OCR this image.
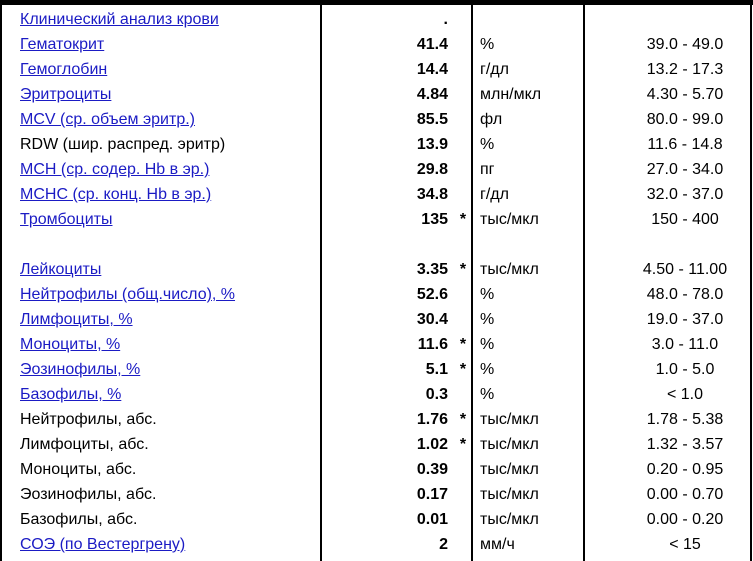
Клинический анализ крови	.
Гематокрит	41.4 %	39.0 - 49.0
Гемоглобин	14.4 г/дл	13.2 - 17.3
Эритроциты	4.84 млн/мкл	4.30 - 5.70
MCV (ср. объем эритр.)	85.5 фл	80.0 - 99.0
RDW (шир. распред. эритр)	13.9 %	11.6 - 14.8
MCH (ср. содер. Hb в эр.)	29.8 пг	27.0 - 34.0
MCHC (ср. конц. Hb в эр.)	34.8 г/дл	32.0 - 37.0
Тромбоциты	135 * тыс/мкл	150 - 400
Лейкоциты	3.35 * тыс/мкл	4.50 - 11.00
Нейтрофилы (общ.число), %	52.6 %	48.0 - 78.0
Лимфоциты, %	30.4 %	19.0 - 37.0
Моноциты, %	11.6 * %	3.0 - 11.0
Эозинофилы, %	5.1 * %	1.0 - 5.0
Базофилы, %	0.3 %	< 1.0
Нейтрофилы, абс.	1.76 * тыс/мкл	1.78 - 5.38
Лимфоциты, абс.	1.02 * тыс/мкл	1.32 - 3.57
Моноциты, абс.	0.39 тыс/мкл	0.20 - 0.95
Эозинофилы, абс.	0.17 тыс/мкл	0.00 - 0.70
Базофилы, абс.	0.01 тыс/мкл	0.00 - 0.20
СОЭ (по Вестергрену)	2 мм/ч	< 15
